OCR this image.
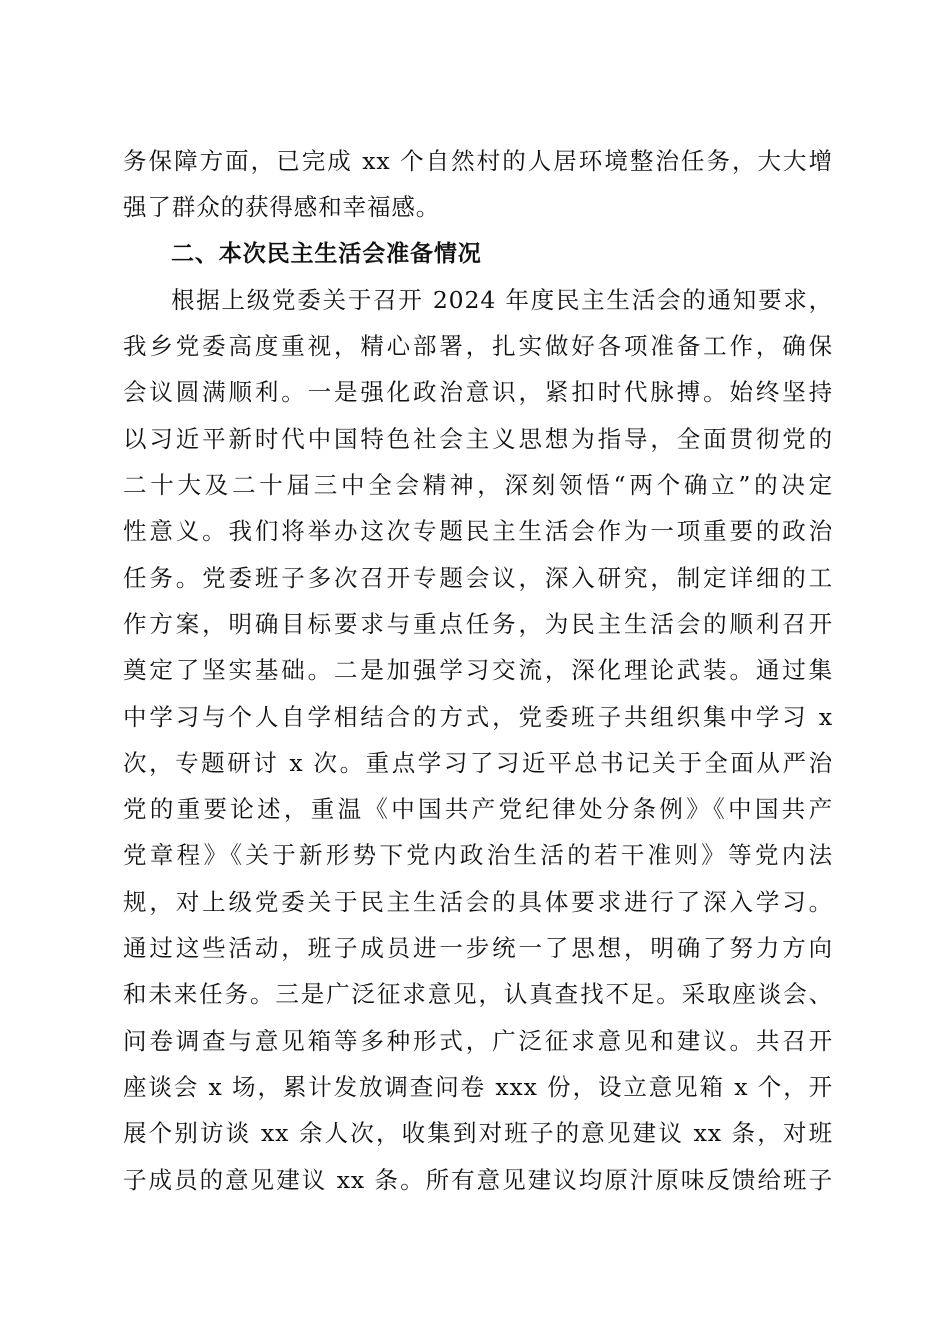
务保障方面，已完成 xx 个自然村的人居环境整治任务，大大增
强了群众的获得感和幸福感。
二、本次民主生活会准备情况
根据上级党委关于召开 2024 年度民主生活会的通知要求，
我乡党委高度重视，精心部署，扎实做好各项准备工作，确保
会议圆满顺利。一是强化政治意识，紧扣时代脉搏。始终坚持
以习近平新时代中国特色社会主义思想为指导，全面贯彻党的
二十大及二十届三中全会精神，深刻领悟“两个确立”的决定
性意义。我们将举办这次专题民主生活会作为一项重要的政治
任务。党委班子多次召开专题会议，深入研究，制定详细的工
作方案，明确目标要求与重点任务，为民主生活会的顺利召开
奠定了坚实基础。二是加强学习交流，深化理论武装。通过集
中学习与个人自学相结合的方式，党委班子共组织集中学习 x
次，专题研讨 x 次。重点学习了习近平总书记关于全面从严治
党的重要论述，重温《中国共产党纪律处分条例》《中国共产
党章程》《关于新形势下党内政治生活的若干准则》等党内法
规，对上级党委关于民主生活会的具体要求进行了深入学习。
通过这些活动，班子成员进一步统一了思想，明确了努力方向
和未来任务。三是广泛征求意见，认真查找不足。采取座谈会、
问卷调查与意见箱等多种形式，广泛征求意见和建议。共召开
座谈会 x 场，累计发放调查问卷 xxx 份，设立意见箱 x 个，开
展个别访谈 xx 余人次，收集到对班子的意见建议 xx 条，对班
子成员的意见建议 xx 条。所有意见建议均原汁原味反馈给班子
